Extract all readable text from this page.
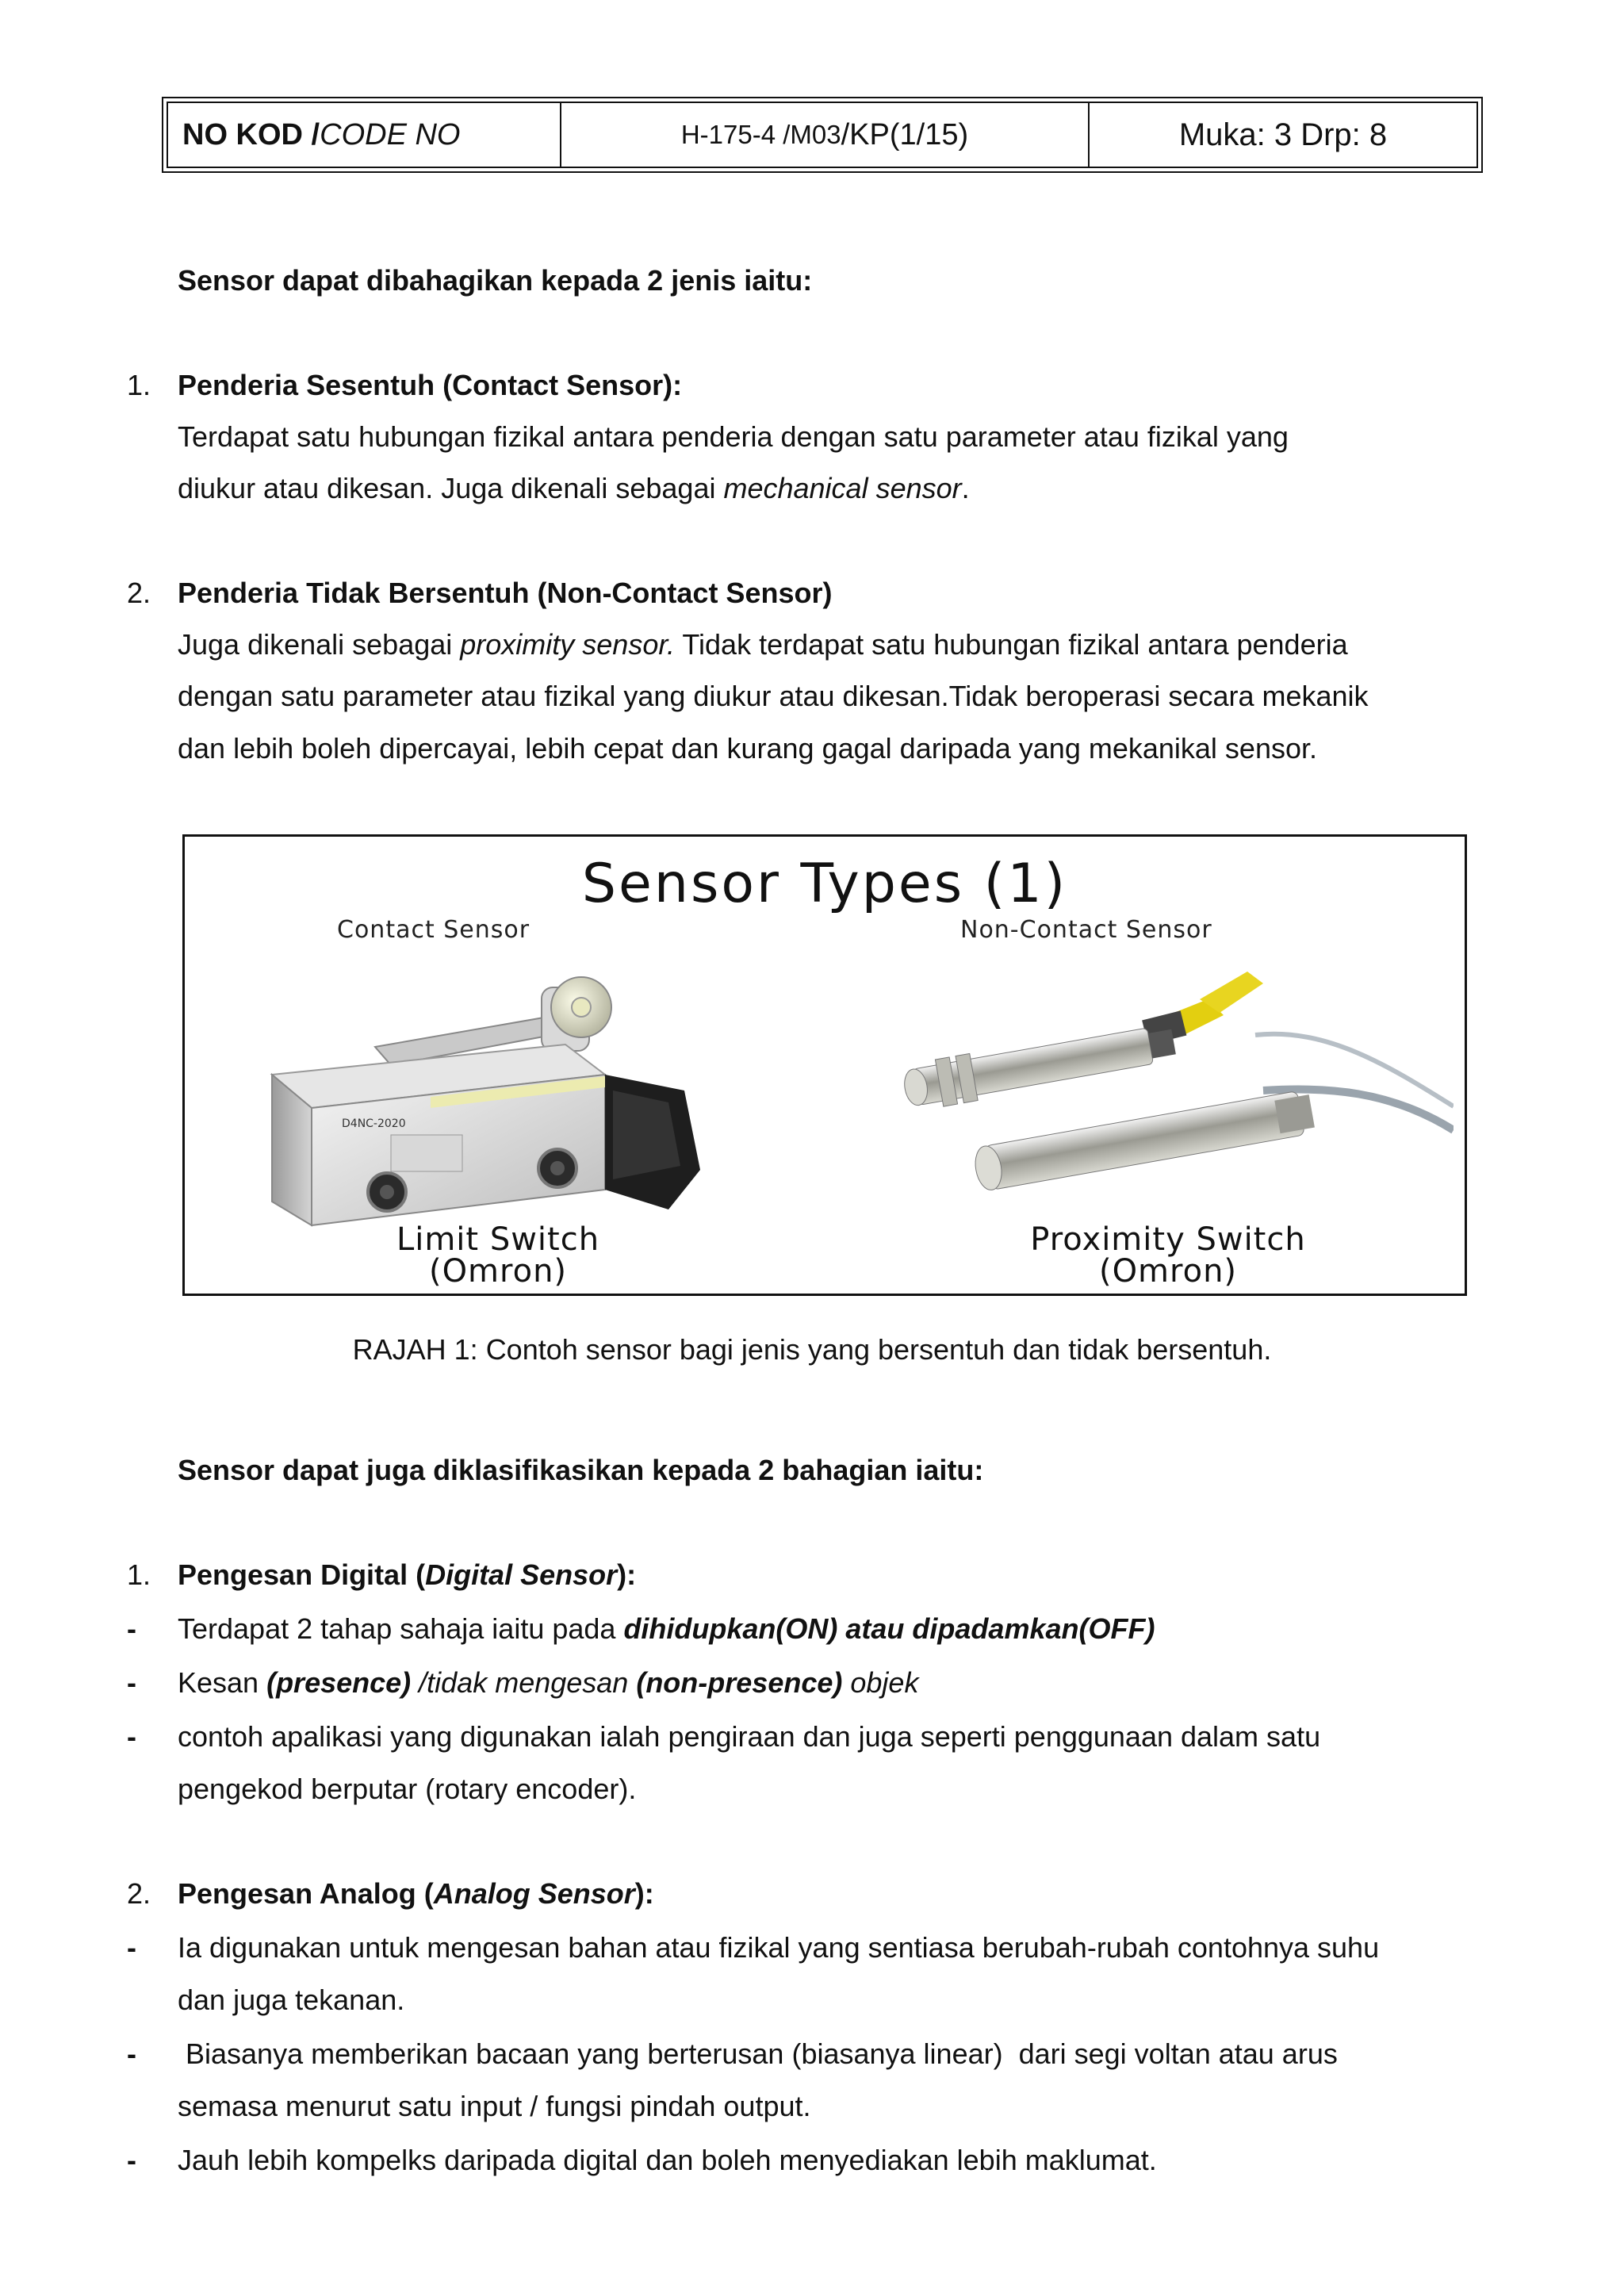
NO KOD / CODE NO	H-175-4 /M03 /KP(1/15)	Muka: 3 Drp: 8
Sensor dapat dibahagikan kepada 2 jenis iaitu:
1. Penderia Sesentuh (Contact Sensor):
Terdapat satu hubungan fizikal antara penderia dengan satu parameter atau fizikal yang
diukur atau dikesan. Juga dikenali sebagai mechanical sensor.
2. Penderia Tidak Bersentuh (Non-Contact Sensor)
Juga dikenali sebagai proximity sensor. Tidak terdapat satu hubungan fizikal antara penderia
dengan satu parameter atau fizikal yang diukur atau dikesan.Tidak beroperasi secara mekanik
dan lebih boleh dipercayai, lebih cepat dan kurang gagal daripada yang mekanikal sensor.
Sensor Types (1)
Contact Sensor	Non-Contact Sensor
D4NC-2020
Limit Switch
(Omron)
Proximity Switch
(Omron)
RAJAH 1: Contoh sensor bagi jenis yang bersentuh dan tidak bersentuh.
Sensor dapat juga diklasifikasikan kepada 2 bahagian iaitu:
1. Pengesan Digital (Digital Sensor):
- Terdapat 2 tahap sahaja iaitu pada dihidupkan(ON) atau dipadamkan(OFF)
- Kesan (presence) /tidak mengesan (non-presence) objek
- contoh apalikasi yang digunakan ialah pengiraan dan juga seperti penggunaan dalam satu
pengekod berputar (rotary encoder).
2. Pengesan Analog (Analog Sensor):
- Ia digunakan untuk mengesan bahan atau fizikal yang sentiasa berubah-rubah contohnya suhu
dan juga tekanan.
- Biasanya memberikan bacaan yang berterusan (biasanya linear)  dari segi voltan atau arus
semasa menurut satu input / fungsi pindah output.
- Jauh lebih kompelks daripada digital dan boleh menyediakan lebih maklumat.
